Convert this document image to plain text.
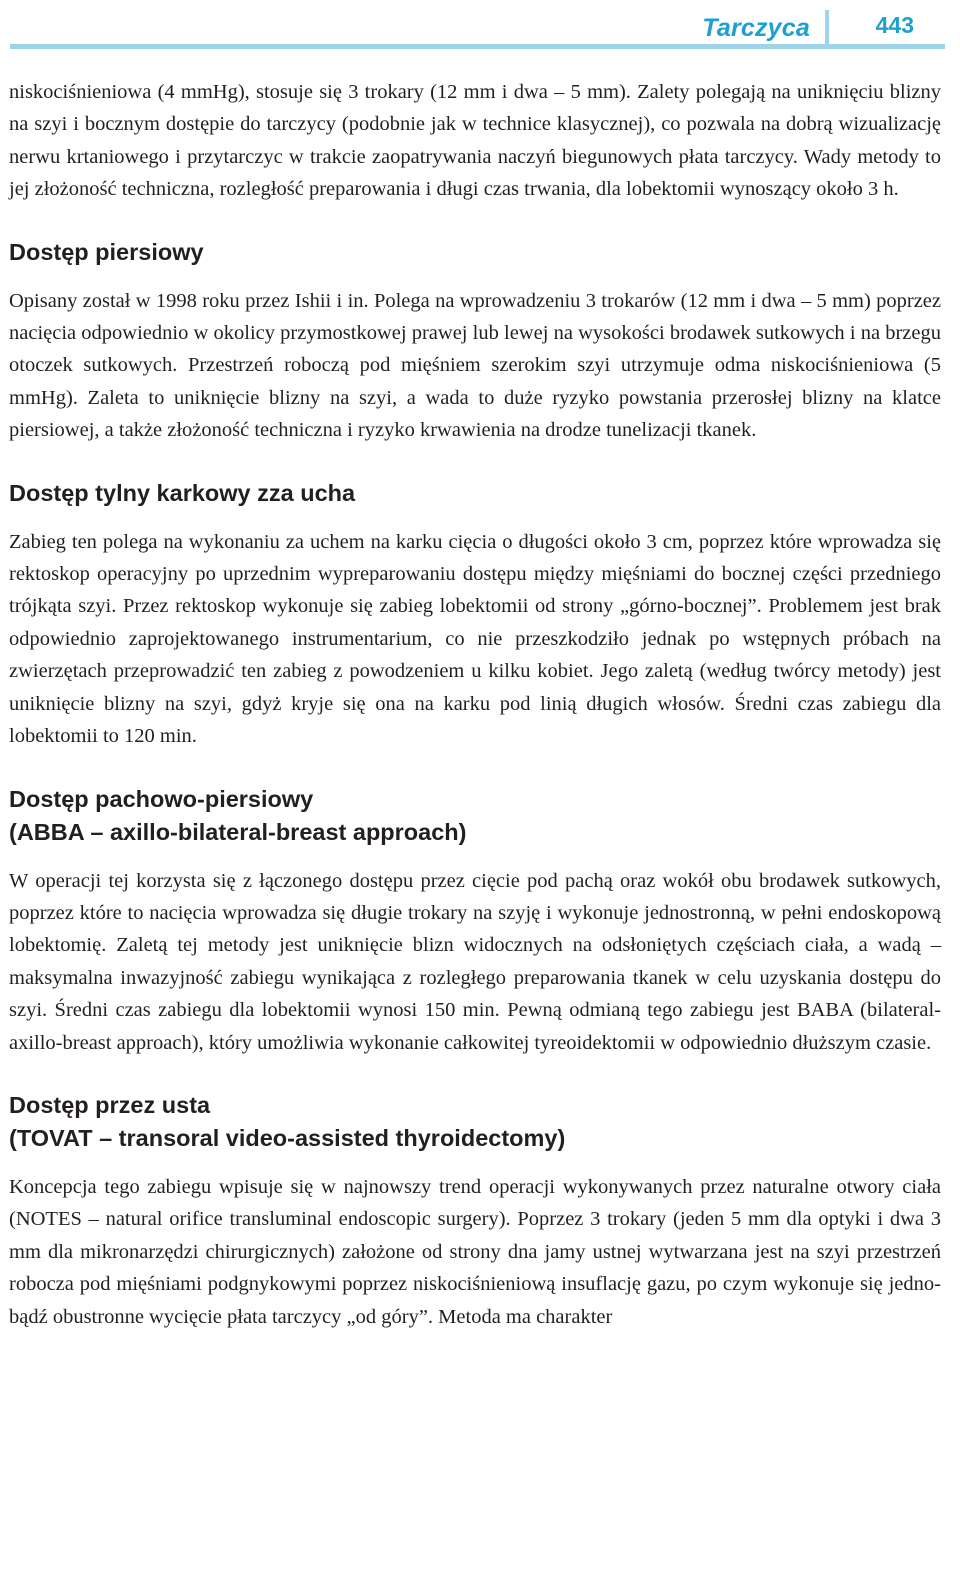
Tarczyca	443

niskociśnieniowa (4 mmHg), stosuje się 3 trokary (12 mm i dwa – 5 mm). Zalety polegają na uniknięciu blizny na szyi i bocznym dostępie do tarczycy (podobnie jak w technice klasycznej), co pozwala na dobrą wizualizację nerwu krtaniowego i przytarczyc w trakcie zaopatrywania naczyń biegunowych płata tarczycy. Wady metody to jej złożoność techniczna, rozległość preparowania i długi czas trwania, dla lobektomii wynoszący około 3 h.

Dostęp piersiowy

Opisany został w 1998 roku przez Ishii i in. Polega na wprowadzeniu 3 trokarów (12 mm i dwa – 5 mm) poprzez nacięcia odpowiednio w okolicy przymostkowej prawej lub lewej na wysokości brodawek sutkowych i na brzegu otoczek sutkowych. Przestrzeń roboczą pod mięśniem szerokim szyi utrzymuje odma niskociśnieniowa (5 mmHg). Zaleta to uniknięcie blizny na szyi, a wada to duże ryzyko powstania przerosłej blizny na klatce piersiowej, a także złożoność techniczna i ryzyko krwawienia na drodze tunelizacji tkanek.

Dostęp tylny karkowy zza ucha

Zabieg ten polega na wykonaniu za uchem na karku cięcia o długości około 3 cm, poprzez które wprowadza się rektoskop operacyjny po uprzednim wypreparowaniu dostępu między mięśniami do bocznej części przedniego trójkąta szyi. Przez rektoskop wykonuje się zabieg lobektomii od strony „górno-bocznej”. Problemem jest brak odpowiednio zaprojektowanego instrumentarium, co nie przeszkodziło jednak po wstępnych próbach na zwierzętach przeprowadzić ten zabieg z powodzeniem u kilku kobiet. Jego zaletą (według twórcy metody) jest uniknięcie blizny na szyi, gdyż kryje się ona na karku pod linią długich włosów. Średni czas zabiegu dla lobektomii to 120 min.

Dostęp pachowo-piersiowy
(ABBA – axillo-bilateral-breast approach)

W operacji tej korzysta się z łączonego dostępu przez cięcie pod pachą oraz wokół obu brodawek sutkowych, poprzez które to nacięcia wprowadza się długie trokary na szyję i wykonuje jednostronną, w pełni endoskopową lobektomię. Zaletą tej metody jest uniknięcie blizn widocznych na odsłoniętych częściach ciała, a wadą – maksymalna inwazyjność zabiegu wynikająca z rozległego preparowania tkanek w celu uzyskania dostępu do szyi. Średni czas zabiegu dla lobektomii wynosi 150 min. Pewną odmianą tego zabiegu jest BABA (bilateral-axillo-breast approach), który umożliwia wykonanie całkowitej tyreoidektomii w odpowiednio dłuższym czasie.

Dostęp przez usta
(TOVAT – transoral video-assisted thyroidectomy)

Koncepcja tego zabiegu wpisuje się w najnowszy trend operacji wykonywanych przez naturalne otwory ciała (NOTES – natural orifice transluminal endoscopic surgery). Poprzez 3 trokary (jeden 5 mm dla optyki i dwa 3 mm dla mikronarzędzi chirurgicznych) założone od strony dna jamy ustnej wytwarzana jest na szyi przestrzeń robocza pod mięśniami podgnykowymi poprzez niskociśnieniową insuflację gazu, po czym wykonuje się jedno- bądź obustronne wycięcie płata tarczycy „od góry”. Metoda ma charakter
